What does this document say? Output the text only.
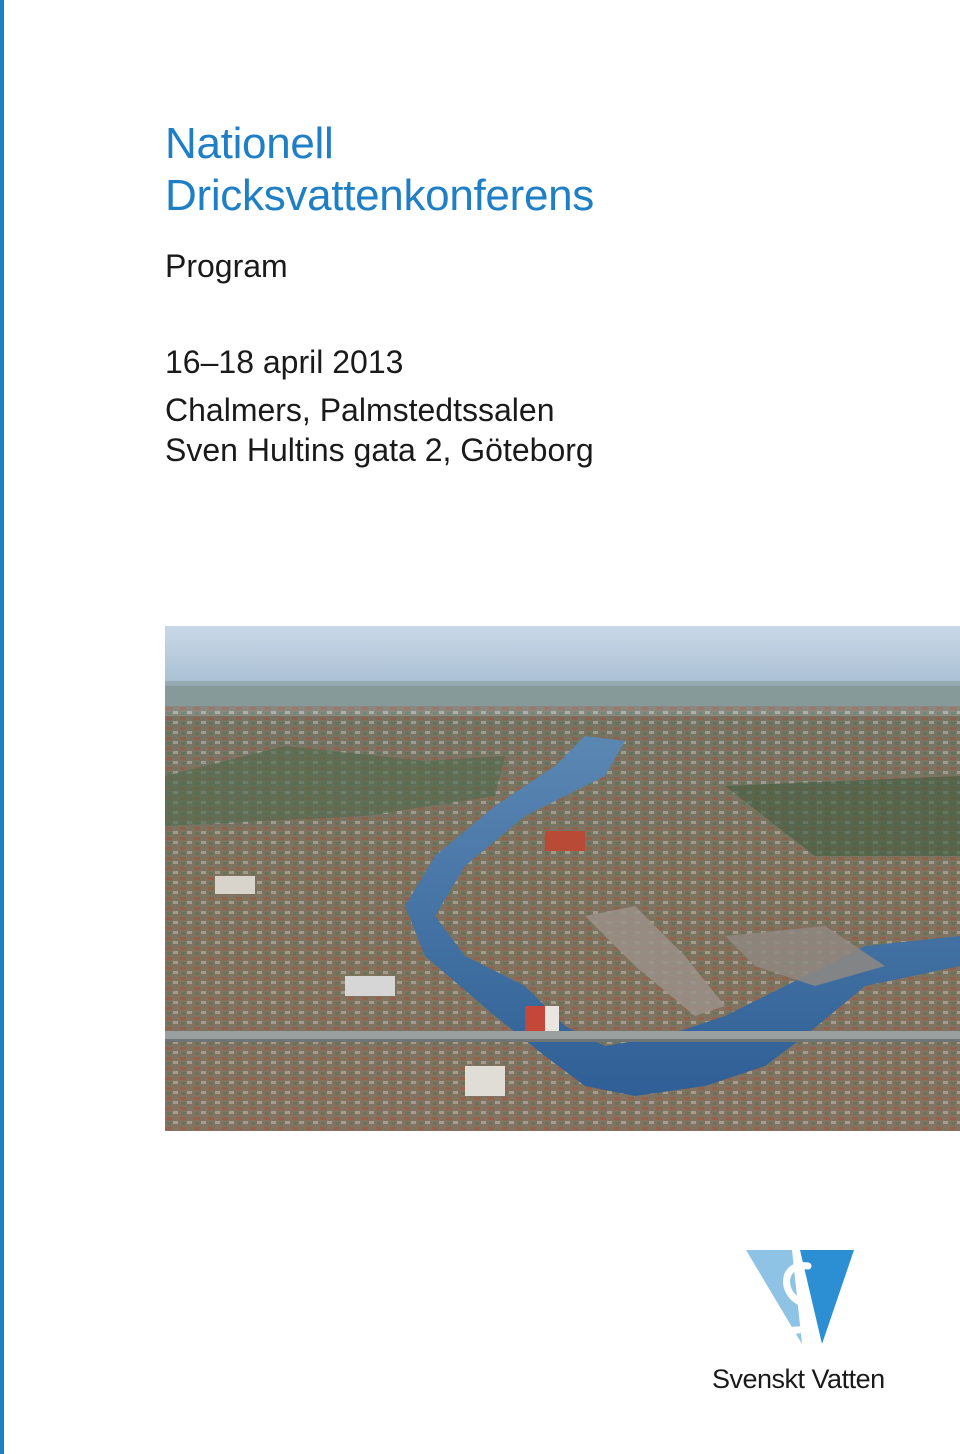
Nationell
Dricksvattenkonferens
Program
16–18 april 2013
Chalmers, Palmstedtssalen
Sven Hultins gata 2, Göteborg
Svenskt Vatten
